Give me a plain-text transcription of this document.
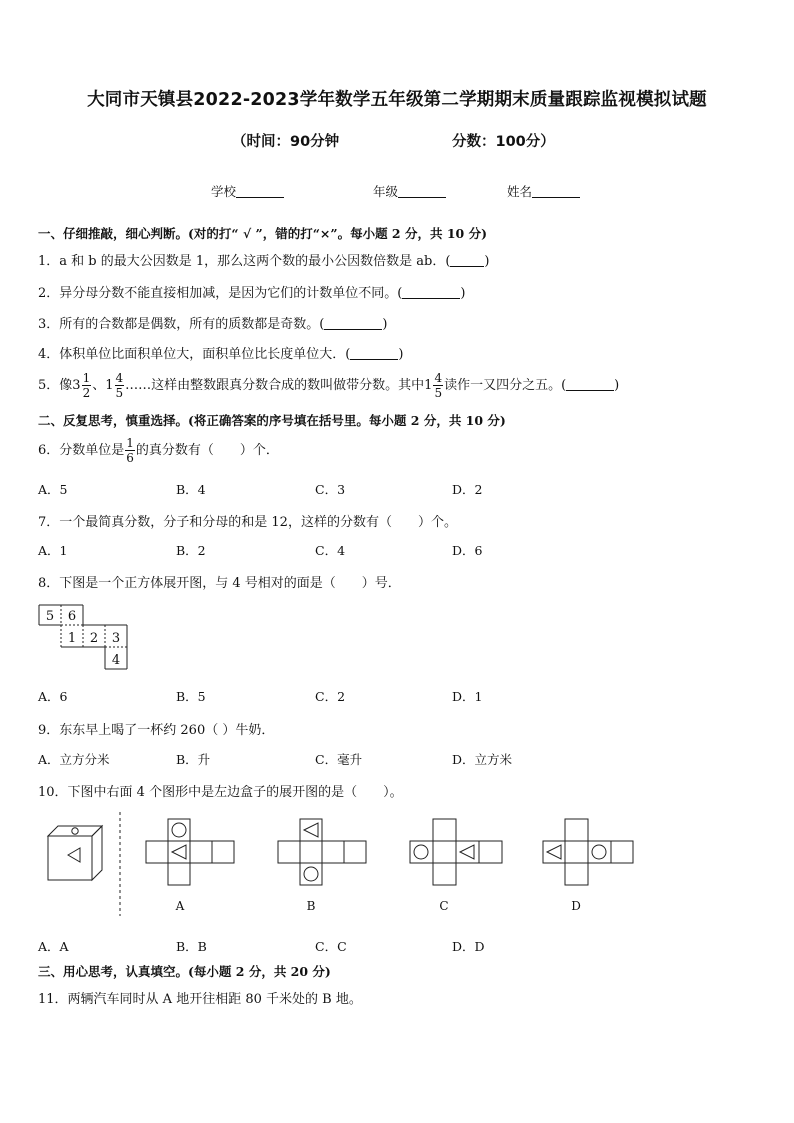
大同市天镇县2022-2023学年数学五年级第二学期期末质量跟踪监视模拟试题
（时间：90分钟	分数：100分）
学校	年级	姓名
一、仔细推敲，细心判断。(对的打“ √ ”，错的打“×”。每小题 2 分，共 10 分)
1．a 和 b 的最大公因数是 1，那么这两个数的最小公因数倍数是 ab．(	)
2．异分母分数不能直接相加减，是因为它们的计数单位不同。(	)
3．所有的合数都是偶数，所有的质数都是奇数。(	)
4．体积单位比面积单位大，面积单位比长度单位大．(	)
5．像$3 \frac{1}{2}$ 、$1 \frac{4}{5}$ ……这样由整数跟真分数合成的数叫做带分数。其中$1 \frac{4}{5}$ 读作一又四分之五。(	)
二、反复思考，慎重选择。(将正确答案的序号填在括号里。每小题 2 分，共 10 分)
6．分数单位是 $\frac{1}{6}$ 的真分数有（　　）个．
A．5	B．4	C．3	D．2
7．一个最简真分数，分子和分母的和是 12，这样的分数有（　　）个。
A．1	B．2	C．4	D．6
8．下图是一个正方体展开图，与 4 号相对的面是（　　）号．
5 6
1 2 3
4
A．6	B．5	C．2	D．1
9．东东早上喝了一杯约 260（ ）牛奶．
A．立方分米	B．升	C．毫升	D．立方米
10．下图中右面 4 个图形中是左边盒子的展开图的是（　　）。
A	B	C	D
A．A	B．B	C．C	D．D
三、用心思考，认真填空。(每小题 2 分，共 20 分)
11．两辆汽车同时从 A 地开往相距 80 千米处的 B 地。
